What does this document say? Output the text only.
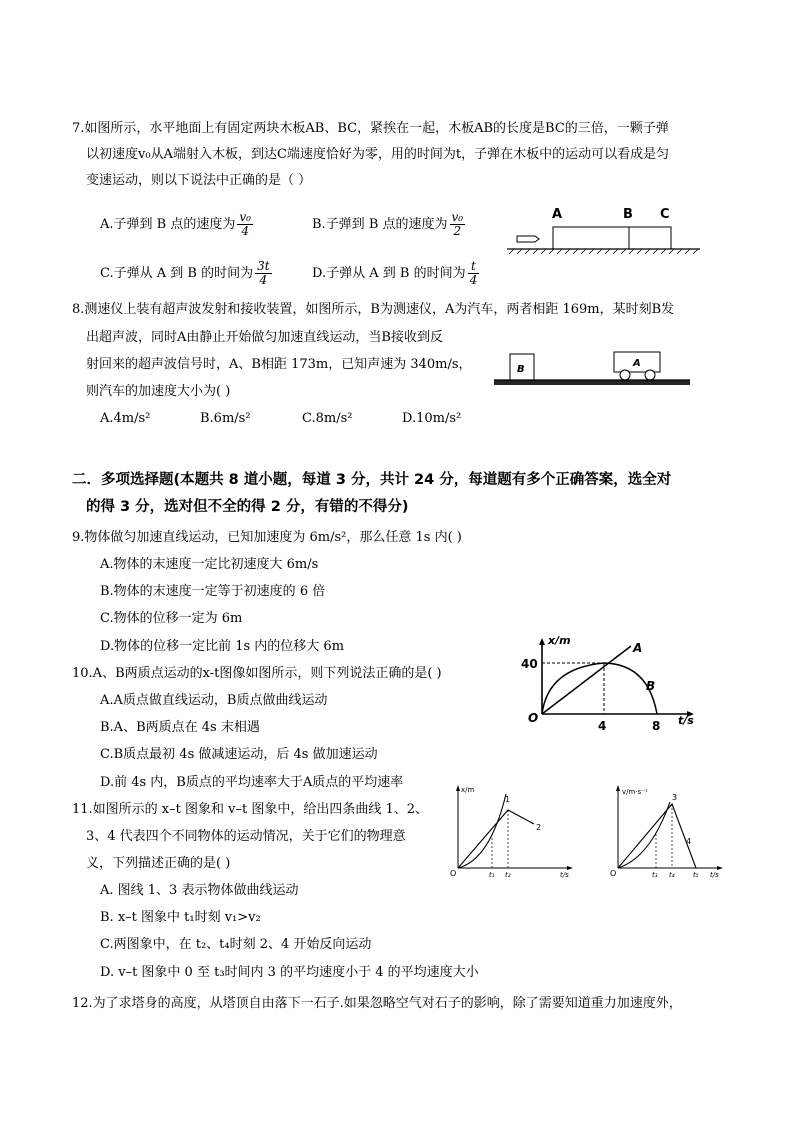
7.如图所示，水平地面上有固定两块木板AB、BC，紧挨在一起，木板AB的长度是BC的三倍，一颗子弹
以初速度v₀从A端射入木板，到达C端速度恰好为零，用的时间为t，子弹在木板中的运动可以看成是匀
变速运动，则以下说法中正确的是（ ）
A.子弹到 B 点的速度为 $\frac{\text{v₀}}{4}$	B.子弹到 B 点的速度为 $\frac{\text{v₀}}{2}$
C.子弹从 A 到 B 的时间为 $\frac{3t}{4}$	D.子弹从 A 到 B 的时间为 $\frac{t}{4}$
A	B C
8.测速仪上装有超声波发射和接收装置，如图所示，B为测速仪，A为汽车，两者相距 169m，某时刻B发
出超声波，同时A由静止开始做匀加速直线运动，当B接收到反
射回来的超声波信号时，A、B相距 173m，已知声速为 340m/s，
则汽车的加速度大小为( )
A.4m/s²	B.6m/s²	C.8m/s²	D.10m/s²
B
A
二．多项选择题(本题共 8 道小题，每道 3 分，共计 24 分，每道题有多个正确答案，选全对
的得 3 分，选对但不全的得 2 分，有错的不得分)
9.物体做匀加速直线运动，已知加速度为 6m/s²，那么任意 1s 内( )
A.物体的末速度一定比初速度大 6m/s
B.物体的末速度一定等于初速度的 6 倍
C.物体的位移一定为 6m
D.物体的位移一定比前 1s 内的位移大 6m
10.A、B两质点运动的x-t图像如图所示，则下列说法正确的是( )
A.A质点做直线运动，B质点做曲线运动
B.A、B两质点在 4s 末相遇
C.B质点最初 4s 做减速运动，后 4s 做加速运动
D.前 4s 内，B质点的平均速率大于A质点的平均速率
x/m
t/s
O
40
4	8
A
B
11.如图所示的 x–t 图象和 v–t 图象中，给出四条曲线 1、2、
3、4 代表四个不同物体的运动情况，关于它们的物理意
义，下列描述正确的是( )
A. 图线 1、3 表示物体做曲线运动
B. x–t 图象中 t₁时刻 v₁>v₂
C.两图象中，在 t₂、t₄时刻 2、4 开始反向运动
D. v–t 图象中 0 至 t₃时间内 3 的平均速度小于 4 的平均速度大小
x/m
t/s
O	t₁ t₂
1
2
v/m·s⁻¹
t/s
O	t₃ t₄	t₅
3
4
12.为了求塔身的高度，从塔顶自由落下一石子.如果忽略空气对石子的影响，除了需要知道重力加速度外，
